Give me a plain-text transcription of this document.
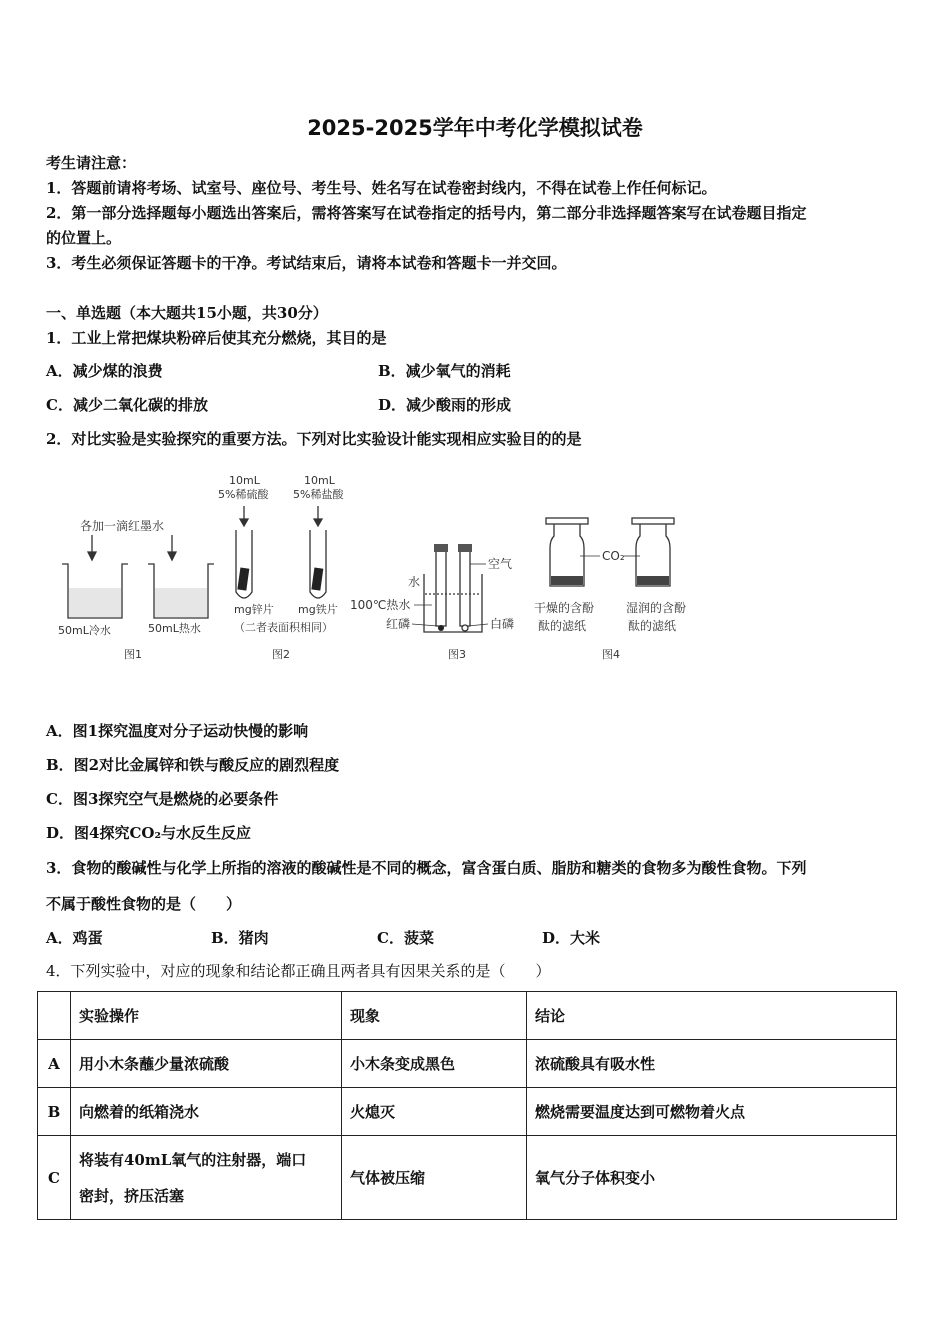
2025-2025学年中考化学模拟试卷
考生请注意：
1．答题前请将考场、试室号、座位号、考生号、姓名写在试卷密封线内，不得在试卷上作任何标记。
2．第一部分选择题每小题选出答案后，需将答案写在试卷指定的括号内，第二部分非选择题答案写在试卷题目指定
的位置上。
3．考生必须保证答题卡的干净。考试结束后，请将本试卷和答题卡一并交回。
一、单选题（本大题共15小题，共30分）
1．工业上常把煤块粉碎后使其充分燃烧，其目的是
A．减少煤的浪费	B．减少氧气的消耗
C．减少二氧化碳的排放	D．减少酸雨的形成
2．对比实验是实验探究的重要方法。下列对比实验设计能实现相应实验目的的是
各加一滴红墨水
50mL冷水	50mL热水
图1
10mL
5%稀硫酸
10mL
5%稀盐酸
mg锌片 mg铁片
（二者表面积相同）
图2
空气
水
100℃热水
红磷	白磷
图3
CO₂
干燥的含酚
酞的滤纸
湿润的含酚
酞的滤纸
图4
A．图1探究温度对分子运动快慢的影响
B．图2对比金属锌和铁与酸反应的剧烈程度
C．图3探究空气是燃烧的必要条件
D．图4探究CO₂与水反生反应
3．食物的酸碱性与化学上所指的溶液的酸碱性是不同的概念，富含蛋白质、脂肪和糖类的食物多为酸性食物。下列
不属于酸性食物的是（　　）
A．鸡蛋	B．猪肉	C．菠菜	D．大米
4．下列实验中，对应的现象和结论都正确且两者具有因果关系的是（　　）
	实验操作	现象	结论
A	用小木条蘸少量浓硫酸	小木条变成黑色	浓硫酸具有吸水性
B	向燃着的纸箱浇水	火熄灭	燃烧需要温度达到可燃物着火点
C	将装有40mL氧气的注射器，端口
密封，挤压活塞	气体被压缩	氧气分子体积变小
